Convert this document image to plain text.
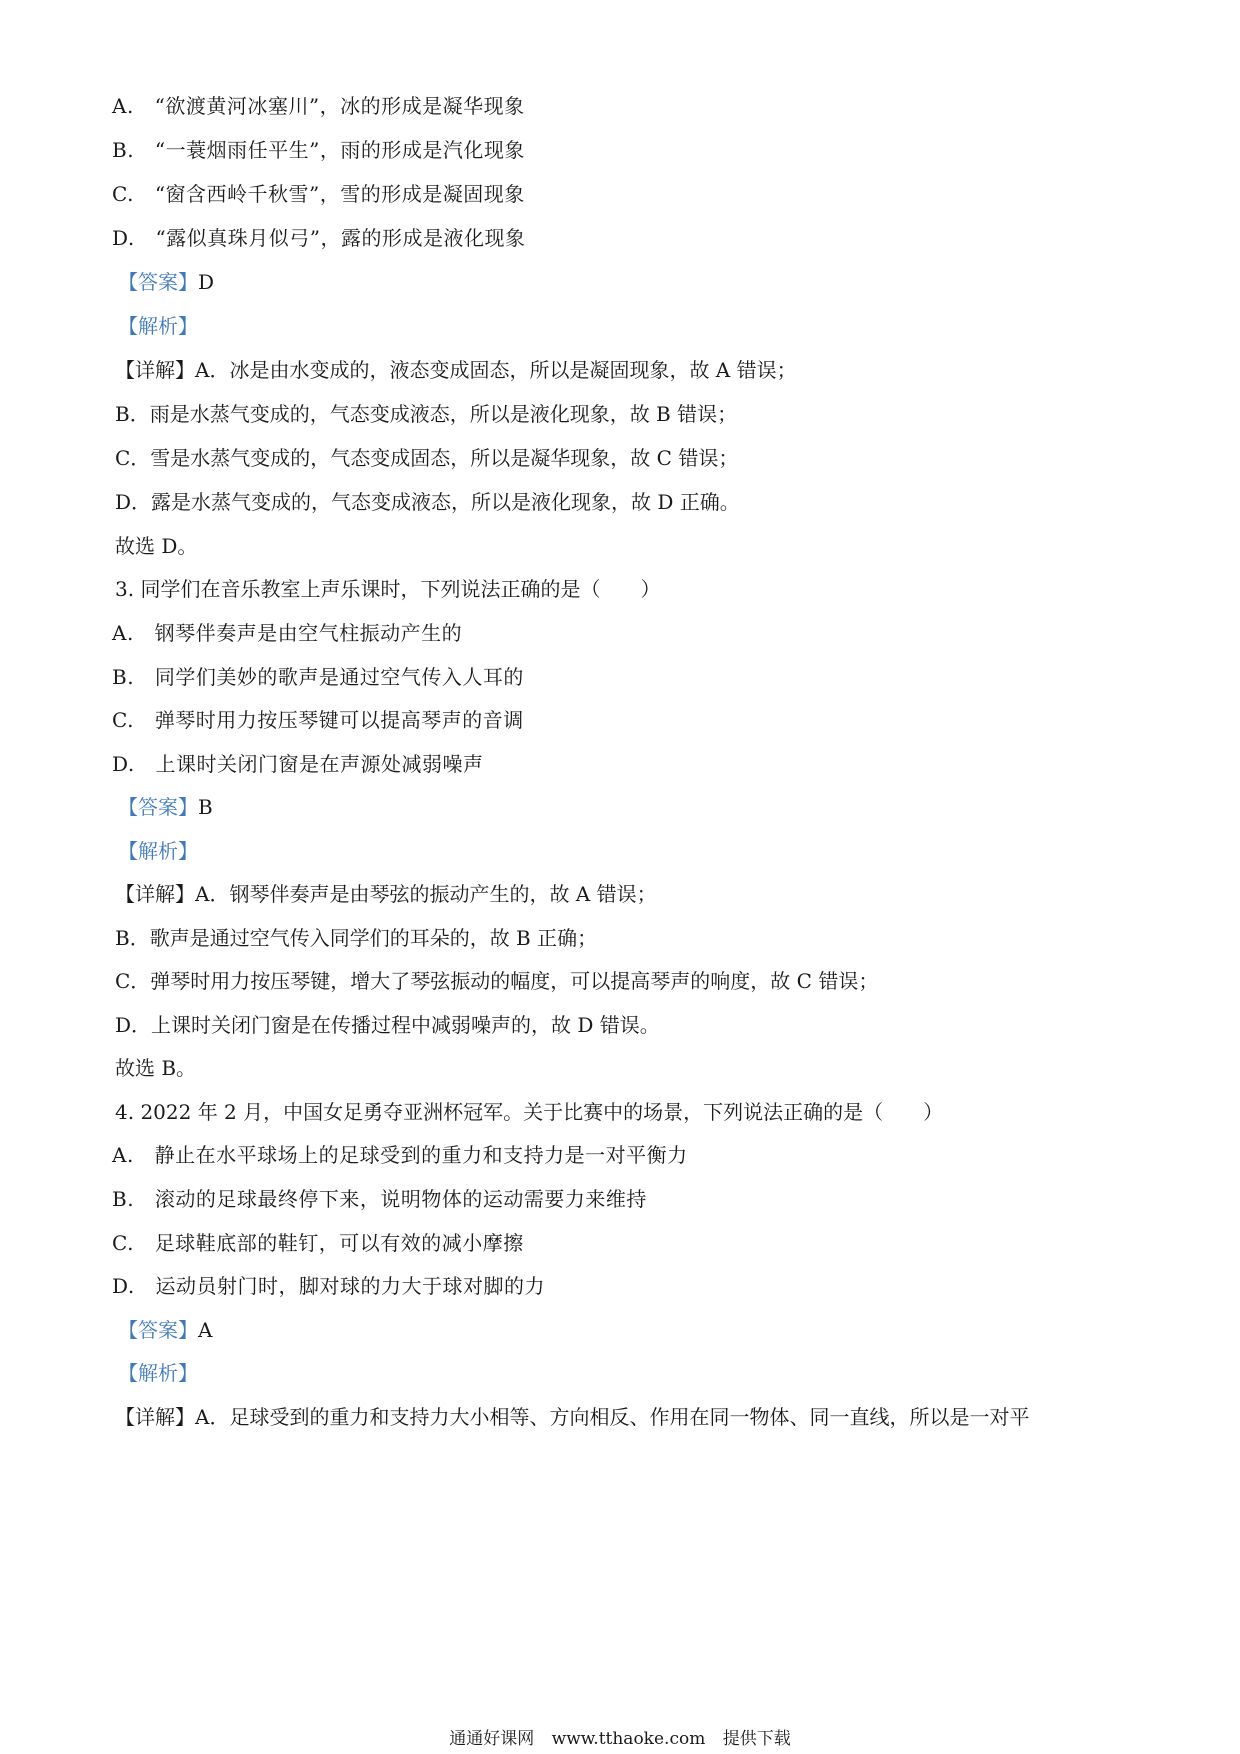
A. “欲渡黄河冰塞川”，冰的形成是凝华现象
B. “一蓑烟雨任平生”，雨的形成是汽化现象
C. “窗含西岭千秋雪”，雪的形成是凝固现象
D. “露似真珠月似弓”，露的形成是液化现象
【答案】D
【解析】
【详解】A．冰是由水变成的，液态变成固态，所以是凝固现象，故 A 错误；
B．雨是水蒸气变成的，气态变成液态，所以是液化现象，故 B 错误；
C．雪是水蒸气变成的，气态变成固态，所以是凝华现象，故 C 错误；
D．露是水蒸气变成的，气态变成液态，所以是液化现象，故 D 正确。
故选 D。
3. 同学们在音乐教室上声乐课时，下列说法正确的是（　　）
A. 钢琴伴奏声是由空气柱振动产生的
B. 同学们美妙的歌声是通过空气传入人耳的
C. 弹琴时用力按压琴键可以提高琴声的音调
D. 上课时关闭门窗是在声源处减弱噪声
【答案】B
【解析】
【详解】A．钢琴伴奏声是由琴弦的振动产生的，故 A 错误；
B．歌声是通过空气传入同学们的耳朵的，故 B 正确；
C．弹琴时用力按压琴键，增大了琴弦振动的幅度，可以提高琴声的响度，故 C 错误；
D．上课时关闭门窗是在传播过程中减弱噪声的，故 D 错误。
故选 B。
4. 2022 年 2 月，中国女足勇夺亚洲杯冠军。关于比赛中的场景，下列说法正确的是（　　）
A. 静止在水平球场上的足球受到的重力和支持力是一对平衡力
B. 滚动的足球最终停下来，说明物体的运动需要力来维持
C. 足球鞋底部的鞋钉，可以有效的减小摩擦
D. 运动员射门时，脚对球的力大于球对脚的力
【答案】A
【解析】
【详解】A．足球受到的重力和支持力大小相等、方向相反、作用在同一物体、同一直线，所以是一对平
通通好课网 www.tthaoke.com 提供下载
